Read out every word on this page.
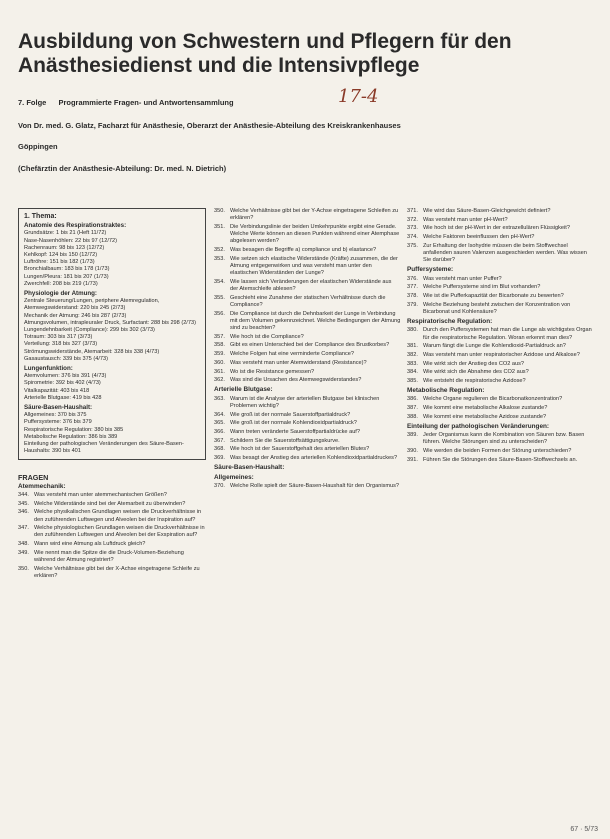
Ausbildung von Schwestern und Pflegern für den
Anästhesiedienst und die Intensivpflege
17-4
7. Folge Programmierte Fragen- und Antwortensammlung
Von Dr. med. G. Glatz, Facharzt für Anästhesie, Oberarzt der Anästhesie-Abteilung des Kreiskrankenhauses
Göppingen
(Chefärztin der Anästhesie-Abteilung: Dr. med. N. Dietrich)
1. Thema:
Anatomie des Respirationstraktes:
Grundsätze: 1 bis 21 (Heft 11/72)
Nase-Nasenhöhlen: 22 bis 97 (12/72)
Rachenraum: 98 bis 123 (12/72)
Kehlkopf: 124 bis 150 (12/72)
Luftröhre: 151 bis 182 (1/73)
Bronchialbaum: 183 bis 178 (1/73)
Lungen/Pleura: 181 bis 207 (1/73)
Zwerchfell: 208 bis 219 (1/73)
Physiologie der Atmung:
Zentrale Steuerung/Lungen, periphere Atemregulation, Atemwegswiderstand: 220 bis 245 (2/73)
Mechanik der Atmung: 246 bis 287 (2/73)
Atmungsvolumen, intrapleuraler Druck, Surfactant: 288 bis 298 (2/73)
Lungendehnbarkeit (Compliance): 299 bis 302 (3/73)
Totraum: 303 bis 317 (3/73)
Verteilung: 318 bis 327 (3/73)
Strömungswiderstände, Atemarbeit: 328 bis 338 (4/73)
Gasaustausch: 339 bis 375 (4/73)
Lungenfunktion:
Atemvolumen: 376 bis 391 (4/73)
Spirometrie: 392 bis 402 (4/73)
Vitalkapazität: 403 bis 418
Arterielle Blutgase: 419 bis 428
Säure-Basen-Haushalt:
Allgemeines: 370 bis 375
Puffersysteme: 376 bis 379
Respiratorische Regulation: 380 bis 385
Metabolische Regulation: 386 bis 389
Einteilung der pathologischen Veränderungen des Säure-Basen-Haushalts: 390 bis 401
FRAGEN
Atemmechanik:
344. Was versteht man unter atemmechanischen Größen?
345. Welche Widerstände sind bei der Atemarbeit zu überwinden?
346. Welche physikalischen Grundlagen weisen die Druckverhältnisse in den zuführenden Luftwegen und Alveolen bei der Inspiration auf?
347. Welche physiologischen Grundlagen weisen die Druckverhältnisse in den zuführenden Luftwegen und Alveolen bei der Exspiration auf?
348. Wann wird eine Atmung als Luftdruck gleich?
349. Wie nennt man die Spitze die die Druck-Volumen-Beziehung während der Atmung registriert?
350. Welche Verhältnisse gibt bei der X-Achse eingetragene Schleife zu erklären?
350. Welche Verhältnisse gibt bei der Y-Achse eingetragene Schleifen zu erklären?
351. Die Verbindungslinie der beiden Umkehrpunkte ergibt eine Gerade. Welche Werte können an diesen Punkten während einer Atemphase abgelesen werden?
352. Was besagen die Begriffe a) compliance und b) elastance?
353. Wie setzen sich elastische Widerstände (Kräfte) zusammen, die der Atmung entgegenwirken und was versteht man unter den elastischen Widerständen der Lunge?
354. Wie lassen sich Veränderungen der elastischen Widerstände aus der Atemschleife ablesen?
355. Geschieht eine Zunahme der statischen Verhältnisse durch die Compliance?
356. Die Compliance ist durch die Dehnbarkeit der Lunge in Verbindung mit dem Volumen gekennzeichnet. Welche Bedingungen der Atmung sind zu beachten?
357. Wie hoch ist die Compliance?
358. Gibt es einen Unterschied bei der Compliance des Brustkorbes?
359. Welche Folgen hat eine verminderte Compliance?
360. Was versteht man unter Atemwiderstand (Resistance)?
361. Wo ist die Resistance gemessen?
362. Was sind die Ursachen des Atemwegswiderstandes?
Arterielle Blutgase:
363. Warum ist die Analyse der arteriellen Blutgase bei klinischen Problemen wichtig?
364. Wie groß ist der normale Sauerstoffpartialdruck?
365. Wie groß ist der normale Kohlendioxidpartialdruck?
366. Wann treten veränderte Sauerstoffpartialdrücke auf?
367. Schildern Sie die Sauerstoffsättigungskurve.
368. Wie hoch ist der Sauerstoffgehalt des arteriellen Blutes?
369. Was besagt der Anstieg des arteriellen Kohlendioxidpartialdruckes?
Säure-Basen-Haushalt:
Allgemeines:
370. Welche Rolle spielt der Säure-Basen-Haushalt für den Organismus?
371. Wie wird das Säure-Basen-Gleichgewicht definiert?
372. Was versteht man unter pH-Wert?
373. Wie hoch ist der pH-Wert in der extrazellulären Flüssigkeit?
374. Welche Faktoren beeinflussen den pH-Wert?
375. Zur Erhaltung der Isohydrie müssen die beim Stoffwechsel anfallenden sauren Valenzen ausgeschieden werden. Was wissen Sie darüber?
Puffersysteme:
376. Was versteht man unter Puffer?
377. Welche Puffersysteme sind im Blut vorhanden?
378. Wie ist die Pufferkapazität der Bicarbonate zu bewerten?
379. Welche Beziehung besteht zwischen der Konzentration von Bicarbonat und Kohlensäure?
Respiratorische Regulation:
380. Durch den Puffersystemen hat man die Lunge als wichtigstes Organ für die respiratorische Regulation. Woran erkennt man dies?
381. Warum fängt die Lunge die Kohlendioxid-Partialdruck an?
382. Was versteht man unter respiratorischer Azidose und Alkalose?
383. Wie wirkt sich der Anstieg des CO2 aus?
384. Wie wirkt sich die Abnahme des CO2 aus?
385. Wie entsteht die respiratorische Azidose?
Metabolische Regulation:
386. Welche Organe regulieren die Bicarbonatkonzentration?
387. Wie kommt eine metabolische Alkalose zustande?
388. Wie kommt eine metabolische Azidose zustande?
Einteilung der pathologischen Veränderungen:
389. Jeder Organismus kann die Kombination von Säuren bzw. Basen führen. Welche Störungen sind zu unterscheiden?
390. Wie werden die beiden Formen der Störung unterschieden?
391. Führen Sie die Störungen des Säure-Basen-Stoffwechsels an.
67 · 5/73
